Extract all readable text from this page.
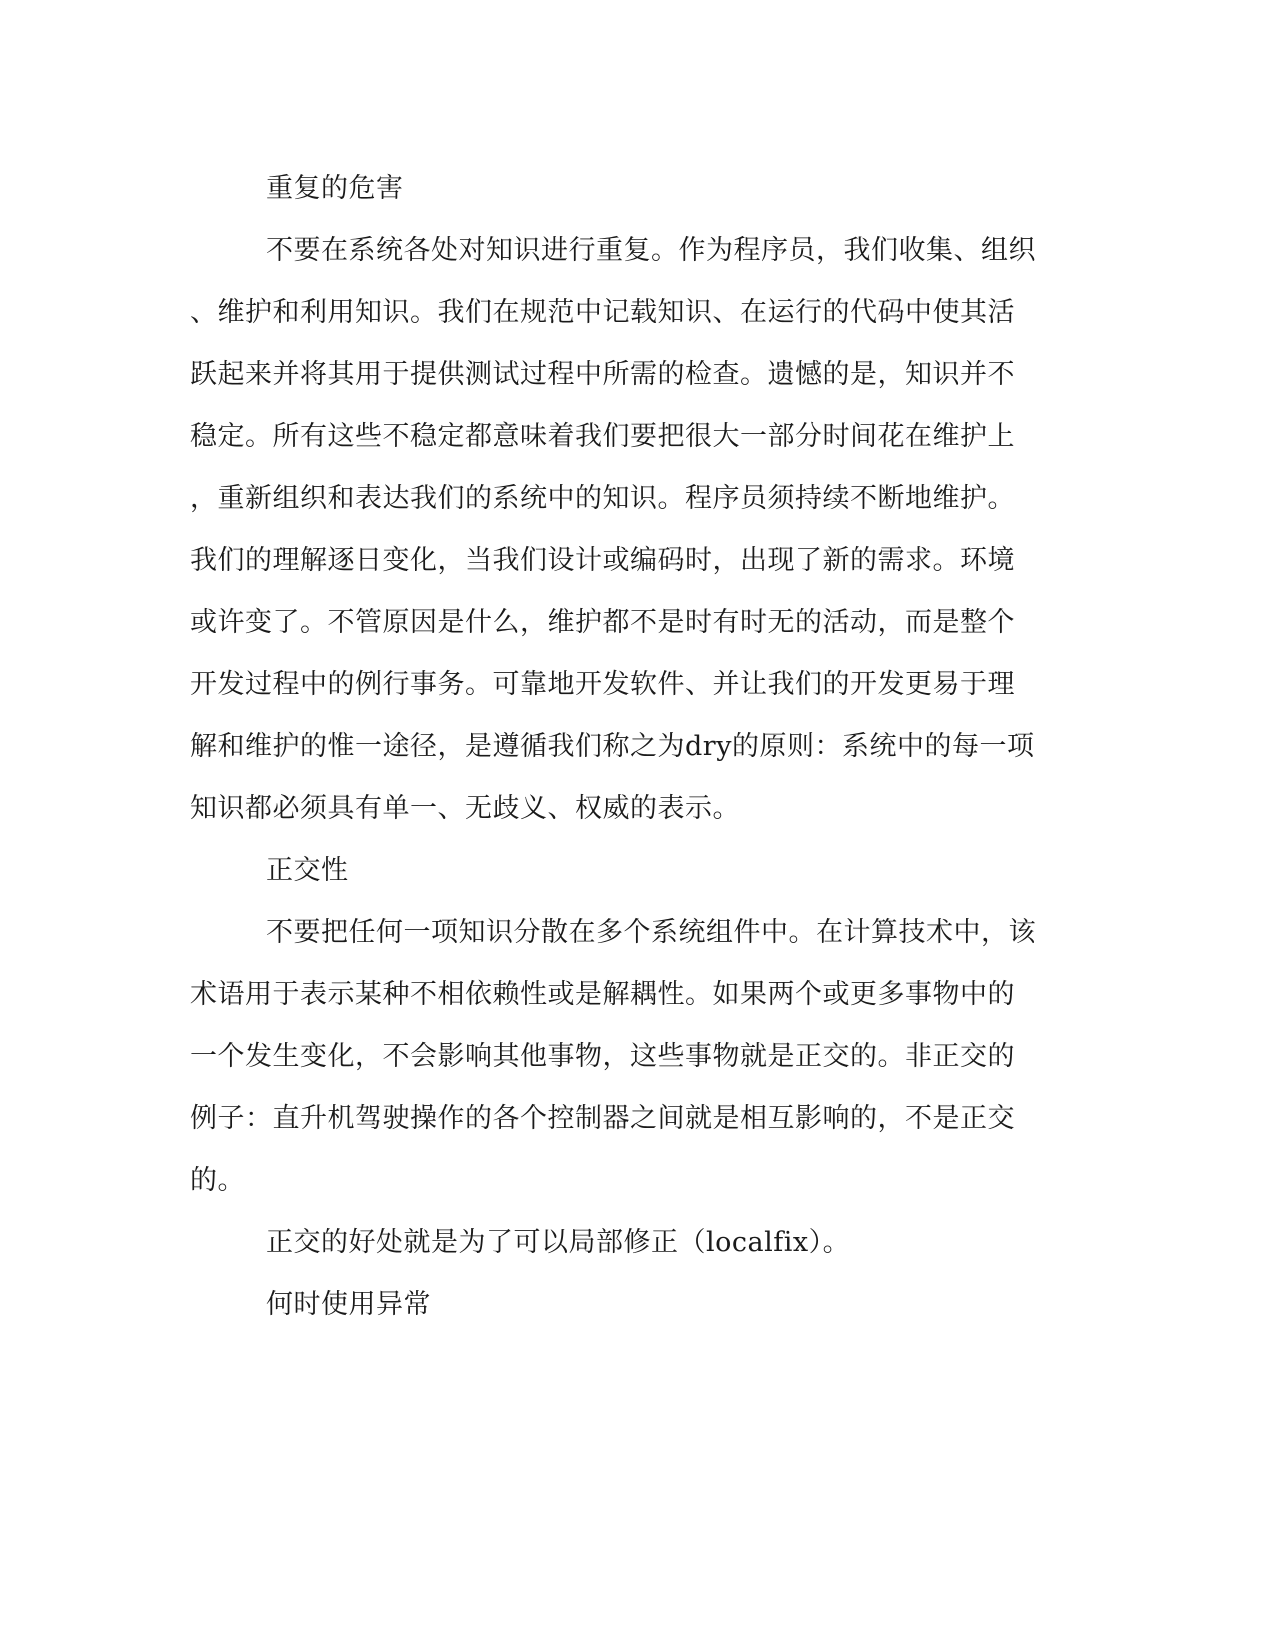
重复的危害
不要在系统各处对知识进行重复。作为程序员，我们收集、组织
、维护和利用知识。我们在规范中记载知识、在运行的代码中使其活
跃起来并将其用于提供测试过程中所需的检查。遗憾的是，知识并不
稳定。所有这些不稳定都意味着我们要把很大一部分时间花在维护上
，重新组织和表达我们的系统中的知识。程序员须持续不断地维护。
我们的理解逐日变化，当我们设计或编码时，出现了新的需求。环境
或许变了。不管原因是什么，维护都不是时有时无的活动，而是整个
开发过程中的例行事务。可靠地开发软件、并让我们的开发更易于理
解和维护的惟一途径，是遵循我们称之为dry的原则：系统中的每一项
知识都必须具有单一、无歧义、权威的表示。
正交性
不要把任何一项知识分散在多个系统组件中。在计算技术中，该
术语用于表示某种不相依赖性或是解耦性。如果两个或更多事物中的
一个发生变化，不会影响其他事物，这些事物就是正交的。非正交的
例子：直升机驾驶操作的各个控制器之间就是相互影响的，不是正交
的。
正交的好处就是为了可以局部修正（localfix）。
何时使用异常
